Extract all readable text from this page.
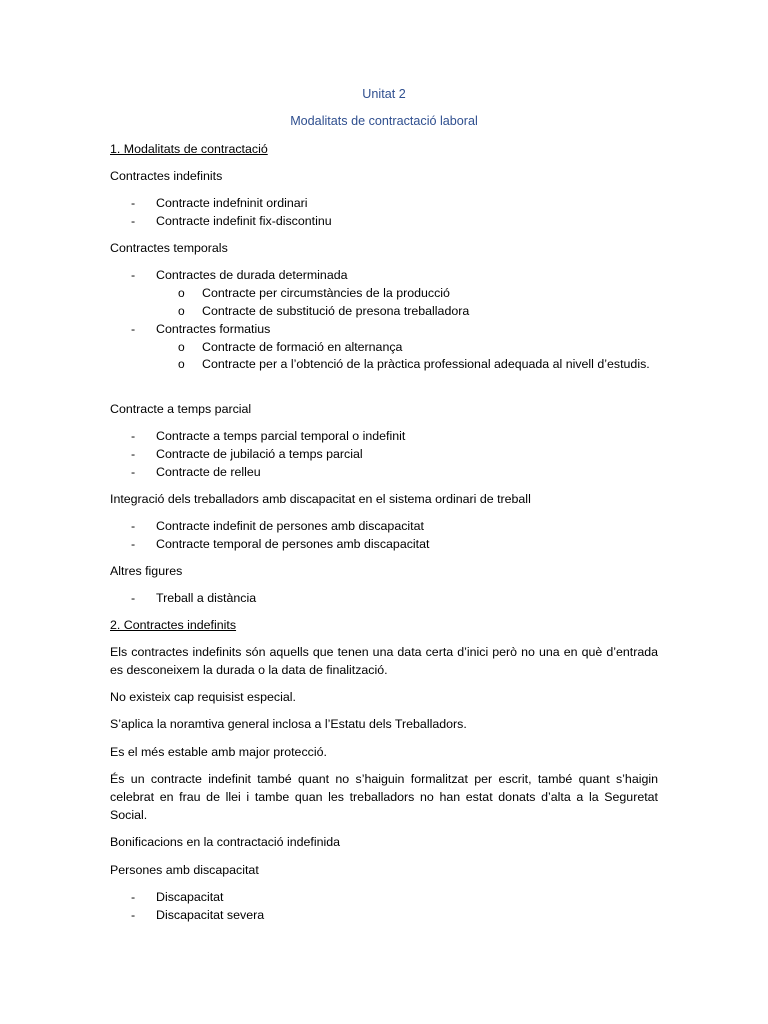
Unitat 2

Modalitats de contractació laboral

1. Modalitats de contractació

Contractes indefinits

- Contracte indefninit ordinari

- Contracte indefinit fix-discontinu

Contractes temporals

- Contractes de durada determinada

o Contracte per circumstàncies de la producció

o Contracte de substitució de presona treballadora

- Contractes formatius

o Contracte de formació en alternança

o Contracte per a l’obtenció de la pràctica professional adequada al nivell d’estudis.

Contracte a temps parcial

- Contracte a temps parcial temporal o indefinit

- Contracte de jubilació a temps parcial

- Contracte de relleu

Integració dels treballadors amb discapacitat en el sistema ordinari de treball

- Contracte indefinit de persones amb discapacitat

- Contracte temporal de persones amb discapacitat

Altres figures

- Treball a distància

2. Contractes indefinits

Els contractes indefinits són aquells que tenen una data certa d’inici però no una en què d’entrada es desconeixem la durada o la data de finalització.

No existeix cap requisist especial.

S’aplica la noramtiva general inclosa a l’Estatu dels Treballadors.

Es el més estable amb major protecció.

És un contracte indefinit també quant no s’haiguin formalitzat per escrit, també quant s’haigin celebrat en frau de llei i tambe quan les treballadors no han estat donats d’alta a la Seguretat Social.

Bonificacions en la contractació indefinida

Persones amb discapacitat

- Discapacitat

- Discapacitat severa
